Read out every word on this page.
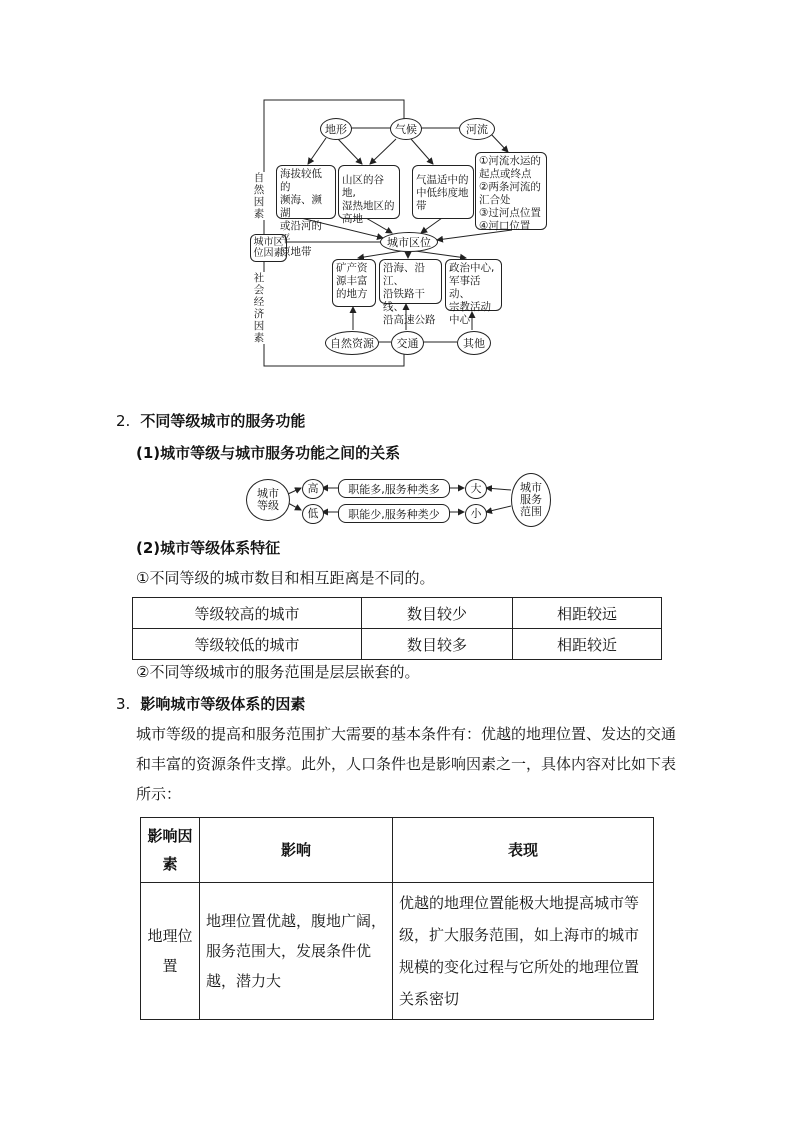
地形	气候	河流
自然因素
城市区位因素
社会经济因素
海拔较低的
濒海、濒湖
或沿河的平
原地带
山区的谷地,
湿热地区的
高地
气温适中的
中低纬度地
带
①河流水运的
起点或终点
②两条河流的
汇合处
③过河点位置
④河口位置
城市区位
矿产资
源丰富
的地方
沿海、沿江、
沿铁路干线、
沿高速公路
政治中心,
军事活动、
宗教活动
中心
自然资源 交通	其他
2. 不同等级城市的服务功能
(1)城市等级与城市服务功能之间的关系
城市等级
高
低
职能多,服务种类多
职能少,服务种类少
大
小
城市服务范围
(2)城市等级体系特征
①不同等级的城市数目和相互距离是不同的。
等级较高的城市	数目较少	相距较远
等级较低的城市	数目较多	相距较近
②不同等级城市的服务范围是层层嵌套的。
3. 影响城市等级体系的因素
城市等级的提高和服务范围扩大需要的基本条件有：优越的地理位置、发达的交通和丰富的资源条件支撑。此外，人口条件也是影响因素之一，具体内容对比如下表所示：
影响因素	影响	表现
地理位置	地理位置优越，腹地广阔，服务范围大，发展条件优越，潜力大	优越的地理位置能极大地提高城市等级，扩大服务范围，如上海市的城市规模的变化过程与它所处的地理位置关系密切
